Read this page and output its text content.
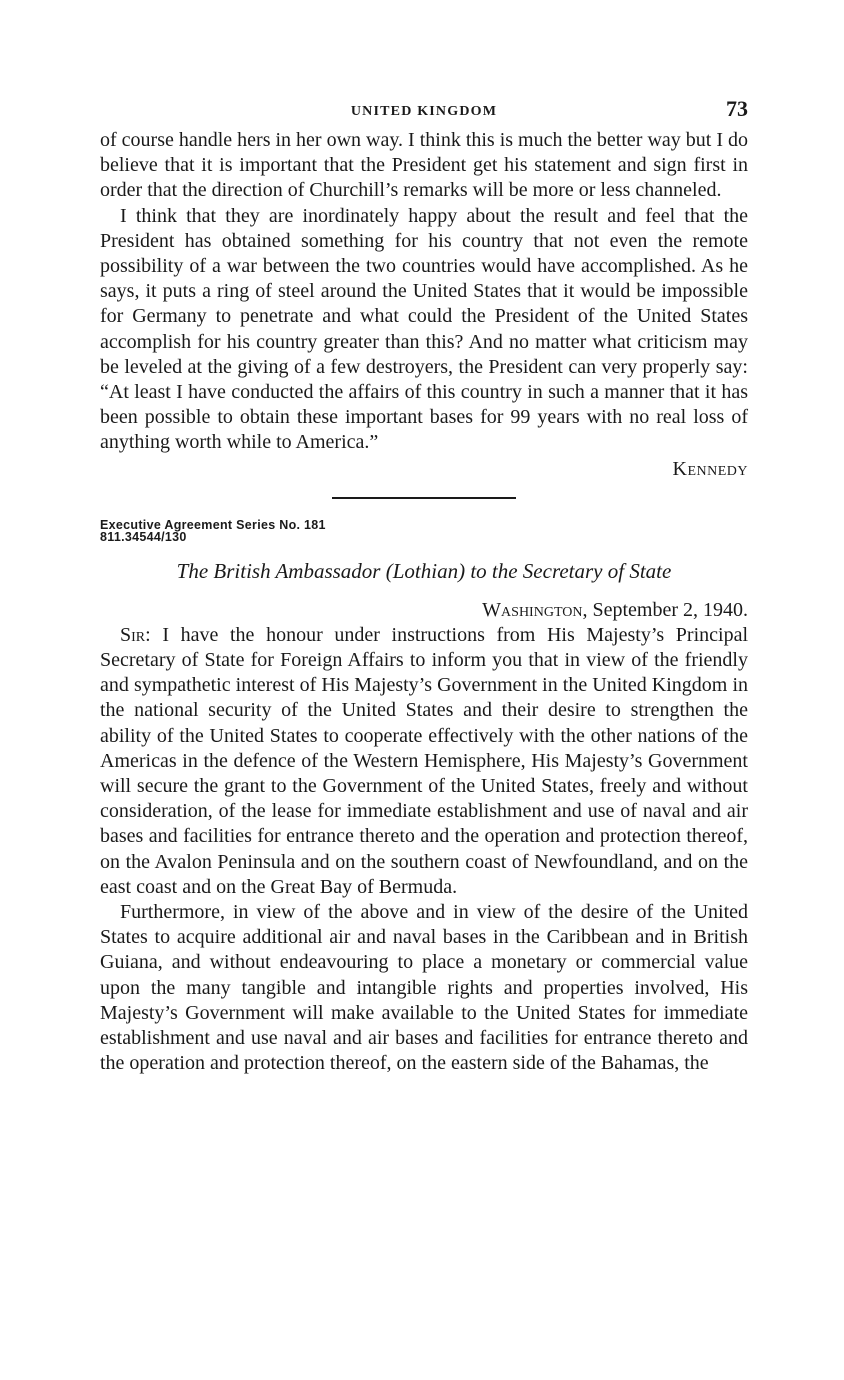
UNITED KINGDOM	73

of course handle hers in her own way. I think this is much the better way but I do believe that it is important that the President get his statement and sign first in order that the direction of Churchill’s remarks will be more or less channeled.

I think that they are inordinately happy about the result and feel that the President has obtained something for his country that not even the remote possibility of a war between the two countries would have accomplished. As he says, it puts a ring of steel around the United States that it would be impossible for Germany to penetrate and what could the President of the United States accomplish for his country greater than this? And no matter what criticism may be leveled at the giving of a few destroyers, the President can very properly say: “At least I have conducted the affairs of this country in such a manner that it has been possible to obtain these important bases for 99 years with no real loss of anything worth while to America.”

Kennedy
Executive Agreement Series No. 181
811.34544/130
The British Ambassador (Lothian) to the Secretary of State
Washington, September 2, 1940.

Sir: I have the honour under instructions from His Majesty’s Principal Secretary of State for Foreign Affairs to inform you that in view of the friendly and sympathetic interest of His Majesty’s Government in the United Kingdom in the national security of the United States and their desire to strengthen the ability of the United States to cooperate effectively with the other nations of the Americas in the defence of the Western Hemisphere, His Majesty’s Government will secure the grant to the Government of the United States, freely and without consideration, of the lease for immediate establishment and use of naval and air bases and facilities for entrance thereto and the operation and protection thereof, on the Avalon Peninsula and on the southern coast of Newfoundland, and on the east coast and on the Great Bay of Bermuda.

Furthermore, in view of the above and in view of the desire of the United States to acquire additional air and naval bases in the Caribbean and in British Guiana, and without endeavouring to place a monetary or commercial value upon the many tangible and intangible rights and properties involved, His Majesty’s Government will make available to the United States for immediate establishment and use naval and air bases and facilities for entrance thereto and the operation and protection thereof, on the eastern side of the Bahamas, the
